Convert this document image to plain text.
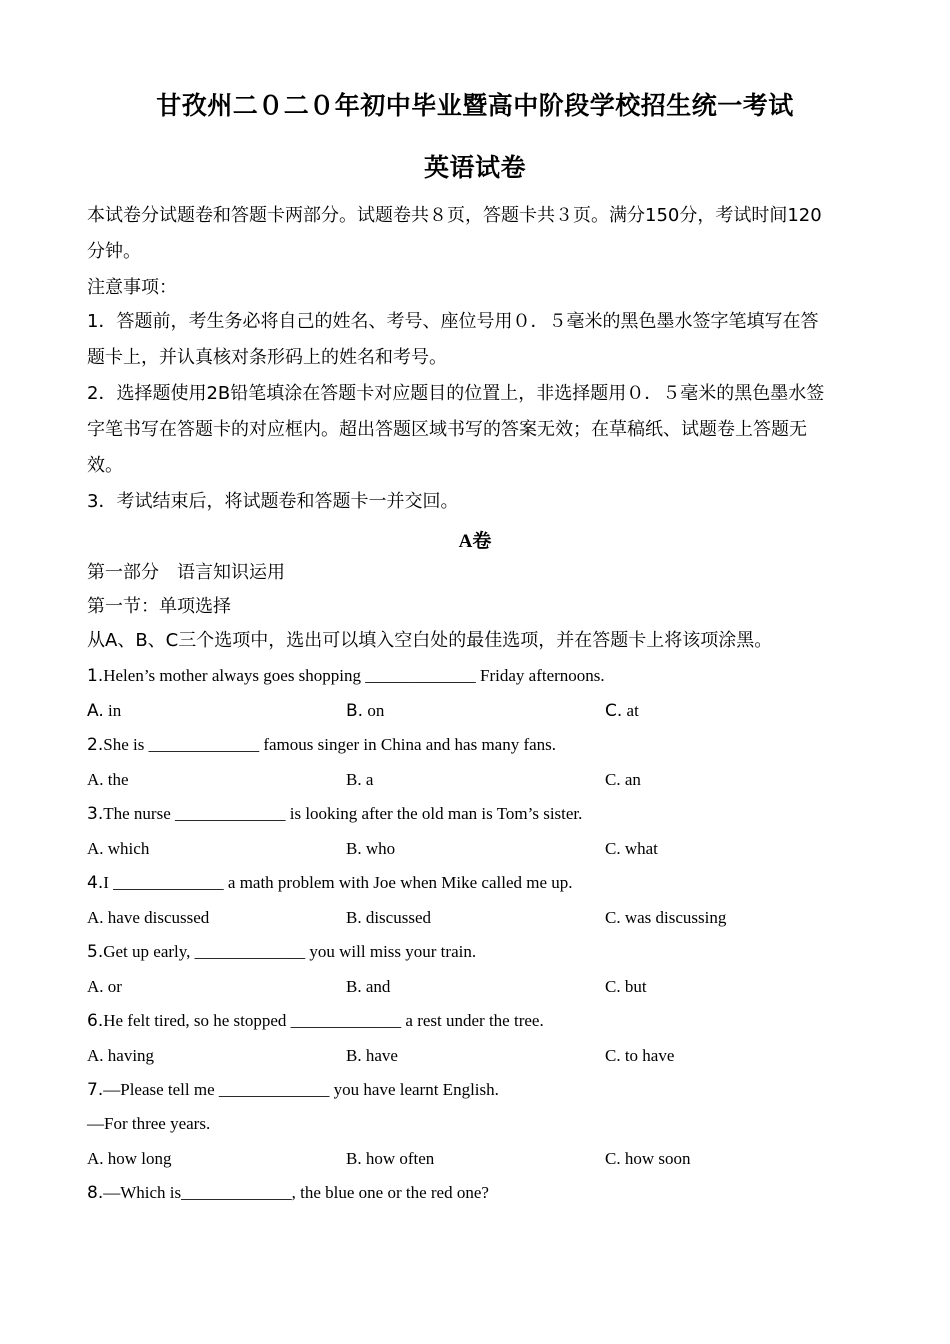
甘孜州二０二０年初中毕业暨高中阶段学校招生统一考试
英语试卷
本试卷分试题卷和答题卡两部分。试题卷共８页，答题卡共３页。满分150分，考试时间120
分钟。
注意事项：
1．答题前，考生务必将自己的姓名、考号、座位号用０．５毫米的黑色墨水签字笔填写在答
题卡上，并认真核对条形码上的姓名和考号。
2．选择题使用2B铅笔填涂在答题卡对应题目的位置上，非选择题用０．５毫米的黑色墨水签
字笔书写在答题卡的对应框内。超出答题区域书写的答案无效；在草稿纸、试题卷上答题无
效。
3．考试结束后，将试题卷和答题卡一并交回。
A卷
第一部分　语言知识运用
第一节：单项选择
从A、B、C三个选项中，选出可以填入空白处的最佳选项，并在答题卡上将该项涂黑。
1.Helen’s mother always goes shopping _____________ Friday afternoons.
A. in	B. on	C. at
2.She is _____________ famous singer in China and has many fans.
A. the	B. a	C. an
3.The nurse _____________ is looking after the old man is Tom’s sister.
A. which	B. who	C. what
4.I _____________ a math problem with Joe when Mike called me up.
A. have discussed	B. discussed	C. was discussing
5.Get up early, _____________ you will miss your train.
A. or	B. and	C. but
6.He felt tired, so he stopped _____________ a rest under the tree.
A. having	B. have	C. to have
7.—Please tell me _____________ you have learnt English.
—For three years.
A. how long	B. how often	C. how soon
8.—Which is_____________, the blue one or the red one?
